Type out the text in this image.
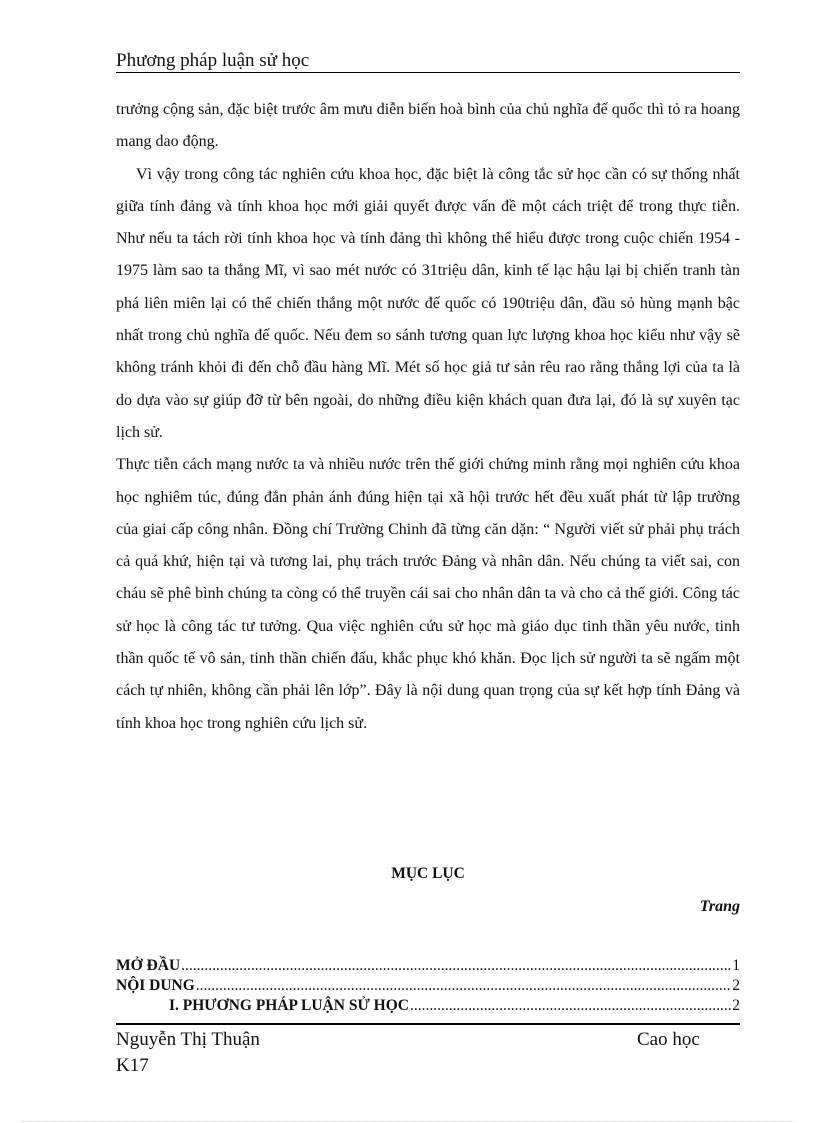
Phương pháp luận sử học

trưởng cộng sản, đặc biệt trước âm mưu diễn biến hoà bình của chủ nghĩa đế quốc thì tỏ ra hoang mang dao động.

Vì vậy trong công tác nghiên cứu khoa học, đặc biệt là công tắc sử học cần có sự thống nhất giữa tính đảng và tính khoa học mới giải quyết được vấn đề một cách triệt để trong thực tiễn. Như nếu ta tách rời tính khoa học và tính đảng thì không thể hiểu được trong cuộc chiến 1954 - 1975 làm sao ta thắng Mĩ, vì sao mét nước có 31triệu dân, kinh tế lạc hậu lại bị chiến tranh tàn phá liên miên lại có thể chiến thắng một nước đế quốc có 190triệu dân, đầu sỏ hùng mạnh bậc nhất trong chủ nghĩa đế quốc. Nếu đem so sánh tương quan lực lượng khoa học kiểu như vậy sẽ không tránh khỏi đi đến chỗ đầu hàng Mĩ. Mét số học giả tư sản rêu rao rằng thắng lợi của ta là do dựa vào sự giúp đỡ từ bên ngoài, do những điều kiện khách quan đưa lại, đó là sự xuyên tạc lịch sử.

Thực tiễn cách mạng nước ta và nhiều nước trên thế giới chứng minh rằng mọi nghiên cứu khoa học nghiêm túc, đúng đắn phản ánh đúng hiện tại xã hội trước hết đều xuất phát từ lập trường của giai cấp công nhân. Đồng chí Trường Chinh đã từng căn dặn: “ Người viết sử phải phụ trách cả quá khứ, hiện tại và tương lai, phụ trách trước Đảng và nhân dân. Nếu chúng ta viết sai, con cháu sẽ phê bình chúng ta còng có thể truyền cái sai cho nhân dân ta và cho cả thế giới. Công tác sử học là công tác tư tưởng. Qua việc nghiên cứu sử học mà giáo dục tinh thần yêu nước, tinh thần quốc tế vô sản, tinh thần chiến đấu, khắc phục khó khăn. Đọc lịch sử người ta sẽ ngấm một cách tự nhiên, không cần phải lên lớp”. Đây là nội dung quan trọng của sự kết hợp tính Đảng và tính khoa học trong nghiên cứu lịch sử.

MỤC LỤC
Trang
MỞ ĐẦU .....	1
NỘI DUNG .....	2
I. PHƯƠNG PHÁP LUẬN SỬ HỌC .....	2
Nguyễn Thị Thuận	Cao học
K17
